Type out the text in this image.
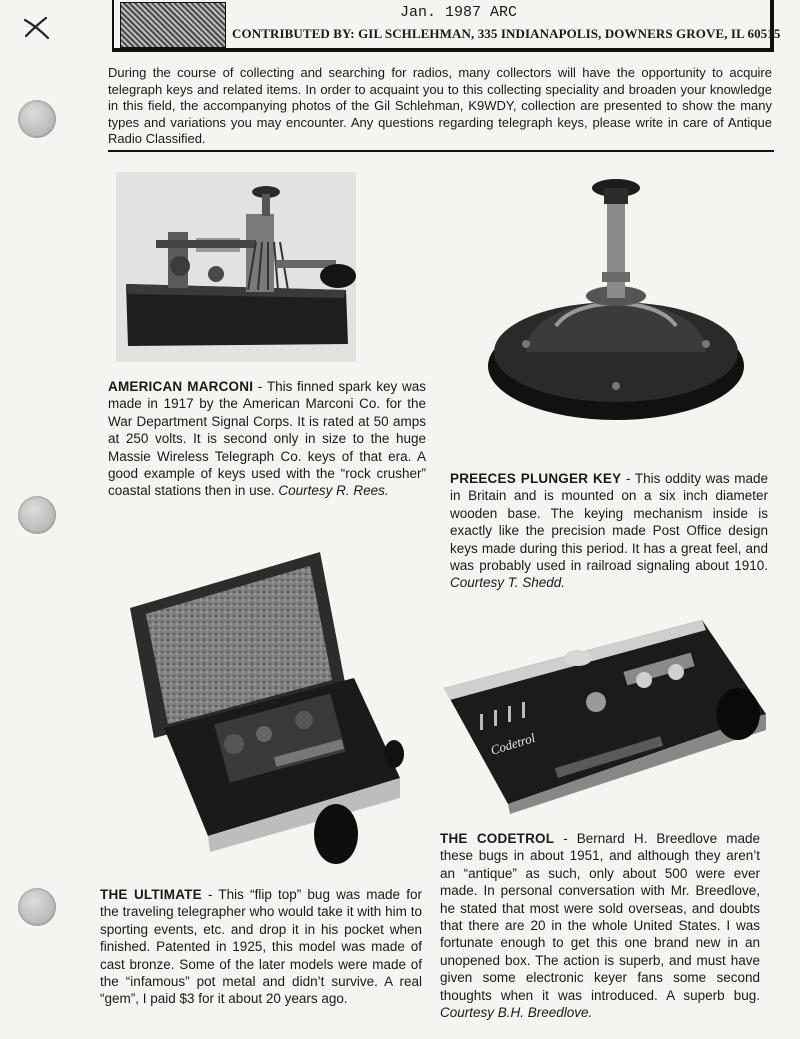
Jan. 1987 ARC
CONTRIBUTED BY: GIL SCHLEHMAN, 335 INDIANAPOLIS, DOWNERS GROVE, IL 60515

During the course of collecting and searching for radios, many collectors will have the opportunity to acquire telegraph keys and related items. In order to acquaint you to this collecting speciality and broaden your knowledge in this field, the accompanying photos of the Gil Schlehman, K9WDY, collection are presented to show the many types and variations you may encounter. Any questions regarding telegraph keys, please write in care of Antique Radio Classified.

Codetrol

AMERICAN MARCONI - This finned spark key was made in 1917 by the American Marconi Co. for the War Department Signal Corps. It is rated at 50 amps at 250 volts. It is second only in size to the huge Massie Wireless Telegraph Co. keys of that era. A good example of keys used with the “rock crusher” coastal stations then in use. Courtesy R. Rees.

PREECES PLUNGER KEY - This oddity was made in Britain and is mounted on a six inch diameter wooden base. The keying mechanism inside is exactly like the precision made Post Office design keys made during this period. It has a great feel, and was probably used in railroad signaling about 1910. Courtesy T. Shedd.

THE ULTIMATE - This “flip top” bug was made for the traveling telegrapher who would take it with him to sporting events, etc. and drop it in his pocket when finished. Patented in 1925, this model was made of cast bronze. Some of the later models were made of the “infamous” pot metal and didn’t survive. A real “gem”, I paid $3 for it about 20 years ago.

THE CODETROL - Bernard H. Breedlove made these bugs in about 1951, and although they aren’t an “antique” as such, only about 500 were ever made. In personal conversation with Mr. Breedlove, he stated that most were sold overseas, and doubts that there are 20 in the whole United States. I was fortunate enough to get this one brand new in an unopened box. The action is superb, and must have given some electronic keyer fans some second thoughts when it was introduced. A superb bug. Courtesy B.H. Breedlove.
